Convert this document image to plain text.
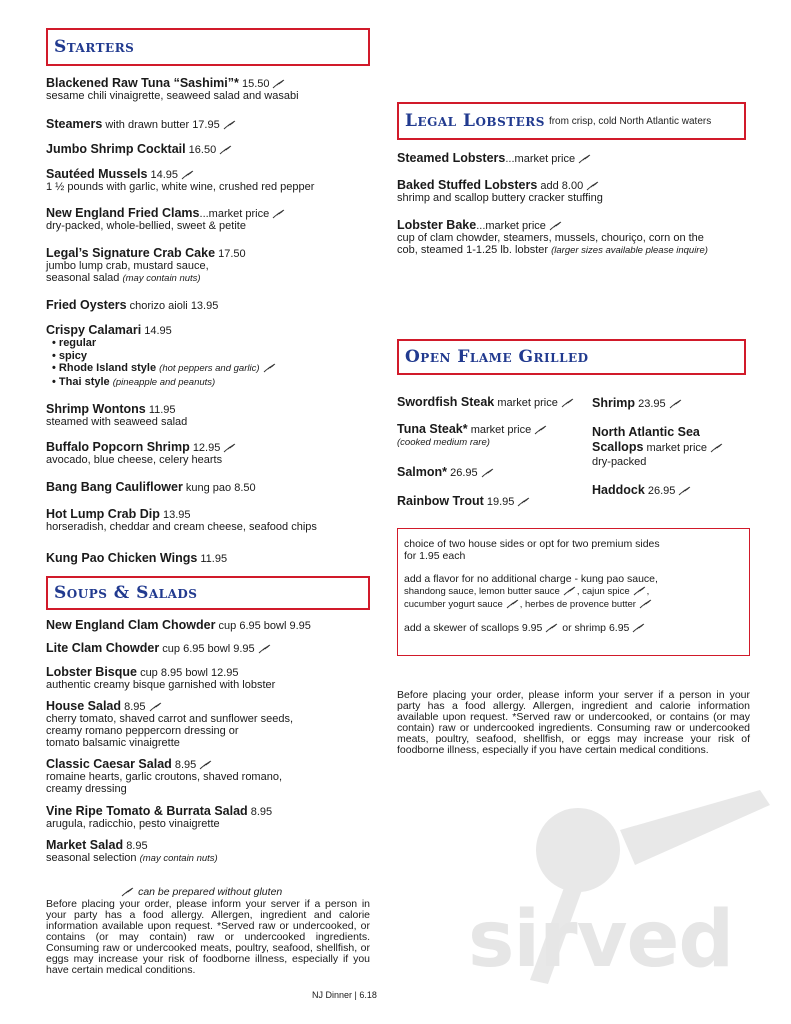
Starters
Blackened Raw Tuna “Sashimi”* 15.50
sesame chili vinaigrette, seaweed salad and wasabi
Steamers with drawn butter 17.95
Jumbo Shrimp Cocktail 16.50
Sautéed Mussels 14.95
1 ½ pounds with garlic, white wine, crushed red pepper
New England Fried Clams...market price
dry-packed, whole-bellied, sweet & petite
Legal’s Signature Crab Cake 17.50
jumbo lump crab, mustard sauce,
seasonal salad (may contain nuts)
Fried Oysters chorizo aioli 13.95
Crispy Calamari 14.95

• regular
• spicy
• Rhode Island style (hot peppers and garlic)
• Thai style (pineapple and peanuts)
Shrimp Wontons 11.95
steamed with seaweed salad
Buffalo Popcorn Shrimp 12.95
avocado, blue cheese, celery hearts
Bang Bang Cauliflower kung pao 8.50
Hot Lump Crab Dip 13.95
horseradish, cheddar and cream cheese, seafood chips
Kung Pao Chicken Wings 11.95
Soups & Salads
New England Clam Chowder cup 6.95 bowl 9.95
Lite Clam Chowder cup 6.95 bowl 9.95
Lobster Bisque cup 8.95 bowl 12.95
authentic creamy bisque garnished with lobster
House Salad 8.95
cherry tomato, shaved carrot and sunflower seeds,
creamy romano peppercorn dressing or
tomato balsamic vinaigrette
Classic Caesar Salad 8.95
romaine hearts, garlic croutons, shaved romano,
creamy dressing
Vine Ripe Tomato & Burrata Salad 8.95
arugula, radicchio, pesto vinaigrette
Market Salad 8.95
seasonal selection (may contain nuts)
can be prepared without gluten
Before placing your order, please inform your server if a person in your party has a food allergy. Allergen, ingredient and calorie information available upon request. *Served raw or undercooked, or contains (or may contain) raw or undercooked ingredients. Consuming raw or undercooked meats, poultry, seafood, shellfish, or eggs may increase your risk of foodborne illness, especially if you have certain medical conditions.
NJ Dinner | 6.18
Legal Lobsters from crisp, cold North Atlantic waters
Steamed Lobsters...market price
Baked Stuffed Lobsters add 8.00
shrimp and scallop buttery cracker stuffing
Lobster Bake...market price
cup of clam chowder, steamers, mussels, chouriço, corn on the
cob, steamed 1-1.25 lb. lobster (larger sizes available please inquire)
Open Flame Grilled
Swordfish Steak market price
Tuna Steak* market price
(cooked medium rare)
Salmon* 26.95
Rainbow Trout 19.95
Shrimp 23.95
North Atlantic Sea
Scallops market price
dry-packed
Haddock 26.95

choice of two house sides or opt for two premium sides
for 1.95 each

add a flavor for no additional charge - kung pao sauce,
shandong sauce, lemon butter sauce , cajun spice ,
cucumber yogurt sauce , herbes de provence butter

add a skewer of scallops 9.95 or shrimp 6.95

Before placing your order, please inform your server if a person in your party has a food allergy. Allergen, ingredient and calorie information available upon request. *Served raw or undercooked, or contains (or may contain) raw or undercooked ingredients. Consuming raw or undercooked meats, poultry, seafood, shellfish, or eggs may increase your risk of foodborne illness, especially if you have certain medical conditions.
sirved
